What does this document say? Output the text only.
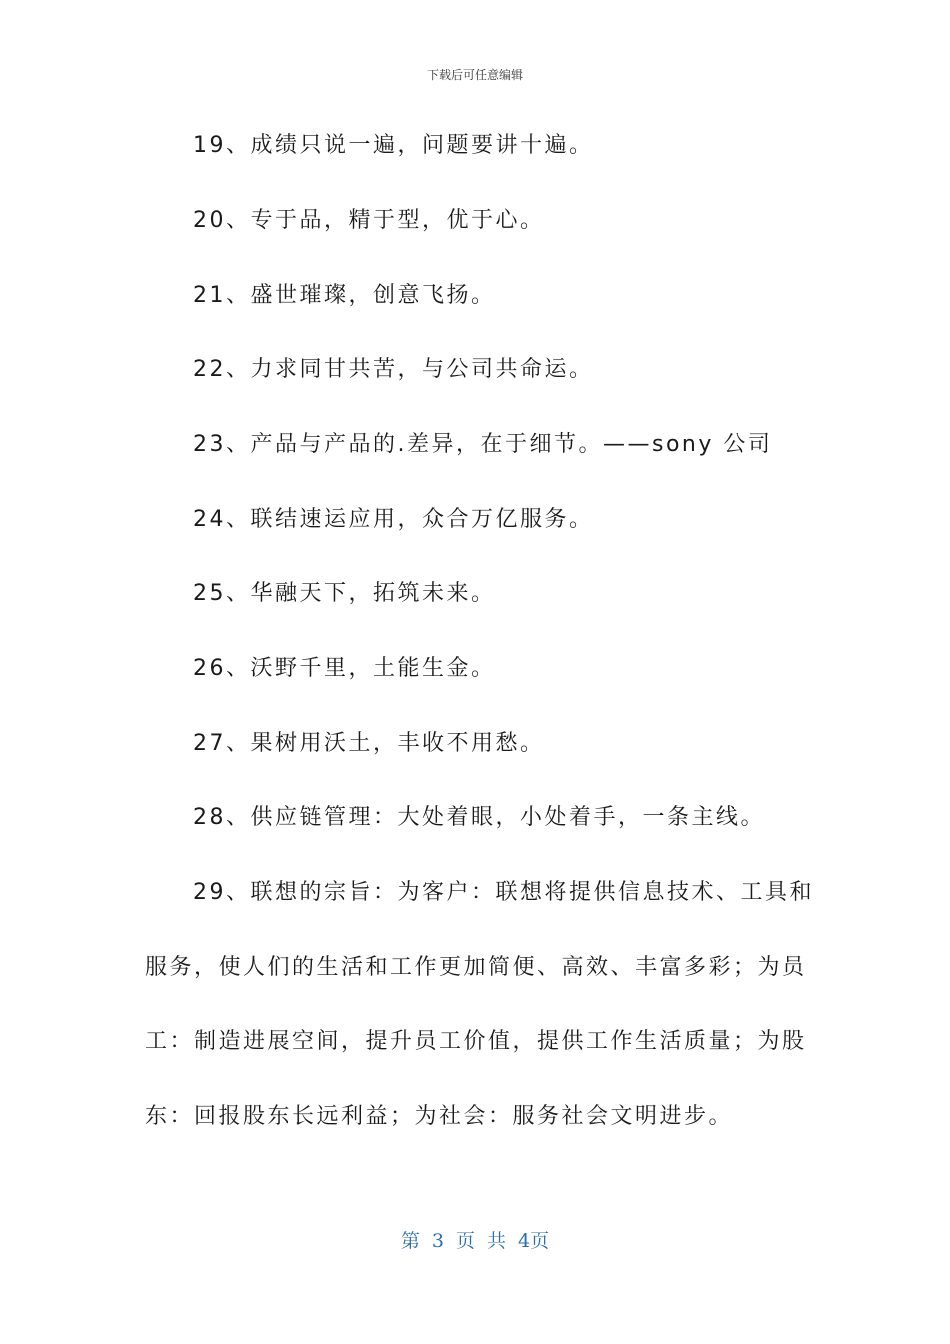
下载后可任意编辑
19、成绩只说一遍，问题要讲十遍。
20、专于品，精于型，优于心。
21、盛世璀璨，创意飞扬。
22、力求同甘共苦，与公司共命运。
23、产品与产品的.差异，在于细节。——sony 公司
24、联结速运应用，众合万亿服务。
25、华融天下，拓筑未来。
26、沃野千里，土能生金。
27、果树用沃土，丰收不用愁。
28、供应链管理：大处着眼，小处着手，一条主线。
29、联想的宗旨：为客户：联想将提供信息技术、工具和
服务，使人们的生活和工作更加简便、高效、丰富多彩；为员
工：制造进展空间，提升员工价值，提供工作生活质量；为股
东：回报股东长远利益；为社会：服务社会文明进步。
第 3 页 共 4页
